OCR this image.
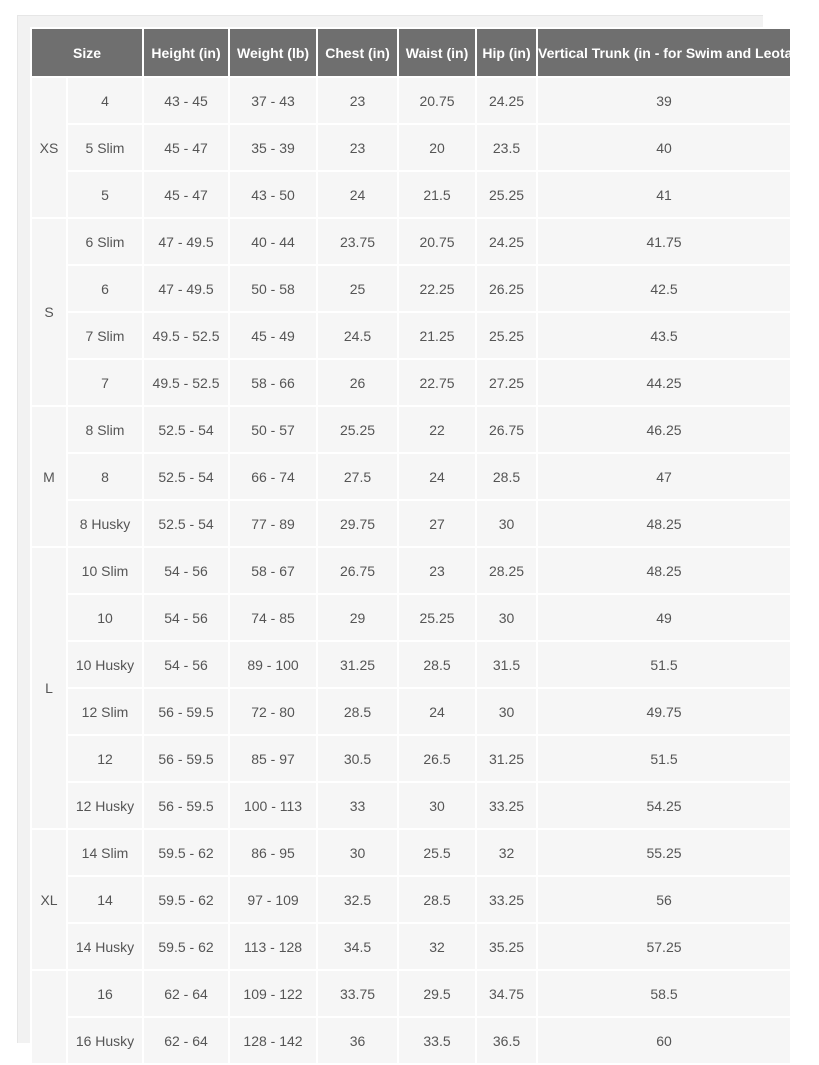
Size		Height (in)	Weight (lb)	Chest (in)	Waist (in)	Hip (in)	Vertical Trunk (in - for Swim and Leotards)
XS	4	43 - 45	37 - 43	23	20.75	24.25	39
	5 Slim	45 - 47	35 - 39	23	20	23.5	40
	5	45 - 47	43 - 50	24	21.5	25.25	41
S	6 Slim	47 - 49.5	40 - 44	23.75	20.75	24.25	41.75
	6	47 - 49.5	50 - 58	25	22.25	26.25	42.5
	7 Slim	49.5 - 52.5	45 - 49	24.5	21.25	25.25	43.5
	7	49.5 - 52.5	58 - 66	26	22.75	27.25	44.25
M	8 Slim	52.5 - 54	50 - 57	25.25	22	26.75	46.25
	8	52.5 - 54	66 - 74	27.5	24	28.5	47
	8 Husky	52.5 - 54	77 - 89	29.75	27	30	48.25
L	10 Slim	54 - 56	58 - 67	26.75	23	28.25	48.25
	10	54 - 56	74 - 85	29	25.25	30	49
	10 Husky	54 - 56	89 - 100	31.25	28.5	31.5	51.5
	12 Slim	56 - 59.5	72 - 80	28.5	24	30	49.75
	12	56 - 59.5	85 - 97	30.5	26.5	31.25	51.5
	12 Husky	56 - 59.5	100 - 113	33	30	33.25	54.25
XL	14 Slim	59.5 - 62	86 - 95	30	25.5	32	55.25
	14	59.5 - 62	97 - 109	32.5	28.5	33.25	56
	14 Husky	59.5 - 62	113 - 128	34.5	32	35.25	57.25
	16	62 - 64	109 - 122	33.75	29.5	34.75	58.5
	16 Husky	62 - 64	128 - 142	36	33.5	36.5	60
